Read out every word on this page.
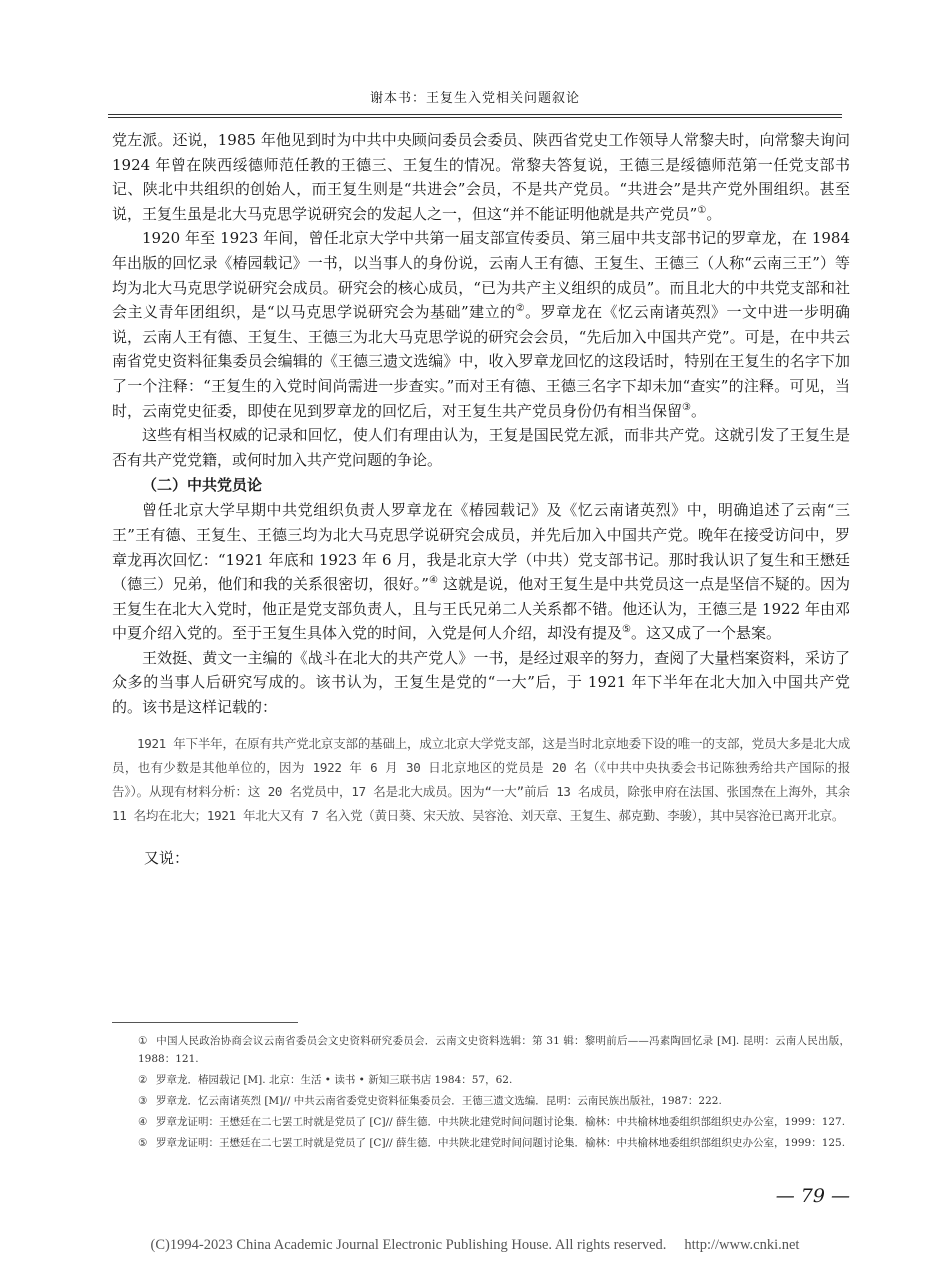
谢本书：王复生入党相关问题叙论

党左派。还说，1985 年他见到时为中共中央顾问委员会委员、陕西省党史工作领导人常黎夫时，向常黎夫询问 1924 年曾在陕西绥德师范任教的王德三、王复生的情况。常黎夫答复说，王德三是绥德师范第一任党支部书记、陕北中共组织的创始人，而王复生则是“共进会”会员，不是共产党员。“共进会”是共产党外围组织。甚至说，王复生虽是北大马克思学说研究会的发起人之一，但这“并不能证明他就是共产党员”①。

1920 年至 1923 年间，曾任北京大学中共第一届支部宣传委员、第三届中共支部书记的罗章龙，在 1984 年出版的回忆录《椿园载记》一书，以当事人的身份说，云南人王有德、王复生、王德三（人称“云南三王”）等均为北大马克思学说研究会成员。研究会的核心成员，“已为共产主义组织的成员”。而且北大的中共党支部和社会主义青年团组织，是“以马克思学说研究会为基础”建立的②。罗章龙在《忆云南诸英烈》一文中进一步明确说，云南人王有德、王复生、王德三为北大马克思学说的研究会会员，“先后加入中国共产党”。可是，在中共云南省党史资料征集委员会编辑的《王德三遗文选编》中，收入罗章龙回忆的这段话时，特别在王复生的名字下加了一个注释：“王复生的入党时间尚需进一步查实。”而对王有德、王德三名字下却未加“查实”的注释。可见，当时，云南党史征委，即使在见到罗章龙的回忆后，对王复生共产党员身份仍有相当保留③。

这些有相当权威的记录和回忆，使人们有理由认为，王复是国民党左派，而非共产党。这就引发了王复生是否有共产党党籍，或何时加入共产党问题的争论。

（二）中共党员论

曾任北京大学早期中共党组织负责人罗章龙在《椿园载记》及《忆云南诸英烈》中，明确追述了云南“三王”王有德、王复生、王德三均为北大马克思学说研究会成员，并先后加入中国共产党。晚年在接受访问中，罗章龙再次回忆：“1921 年底和 1923 年 6 月，我是北京大学（中共）党支部书记。那时我认识了复生和王懋廷（德三）兄弟，他们和我的关系很密切，很好。”④ 这就是说，他对王复生是中共党员这一点是坚信不疑的。因为王复生在北大入党时，他正是党支部负责人，且与王氏兄弟二人关系都不错。他还认为，王德三是 1922 年由邓中夏介绍入党的。至于王复生具体入党的时间，入党是何人介绍，却没有提及⑤。这又成了一个悬案。

王效挺、黄文一主编的《战斗在北大的共产党人》一书，是经过艰辛的努力，查阅了大量档案资料，采访了众多的当事人后研究写成的。该书认为，王复生是党的“一大”后，于 1921 年下半年在北大加入中国共产党的。该书是这样记载的：

1921 年下半年，在原有共产党北京支部的基础上，成立北京大学党支部，这是当时北京地委下设的唯一的支部，党员大多是北大成员，也有少数是其他单位的，因为 1922 年 6 月 30 日北京地区的党员是 20 名（《中共中央执委会书记陈独秀给共产国际的报告》）。从现有材料分析：这 20 名党员中，17 名是北大成员。因为“一大”前后 13 名成员，除张申府在法国、张国焘在上海外，其余 11 名均在北大；1921 年北大又有 7 名入党（黄日葵、宋天放、吴容沧、刘天章、王复生、郝克勤、李骏），其中吴容沧已离开北京。

又说：

① 中国人民政治协商会议云南省委员会文史资料研究委员会．云南文史资料选辑：第 31 辑：黎明前后——冯素陶回忆录 [M]. 昆明：云南人民出版，1988：121.

② 罗章龙．椿园载记 [M]. 北京：生活 • 读书 • 新知三联书店 1984：57，62.

③ 罗章龙．忆云南诸英烈 [M]// 中共云南省委党史资料征集委员会．王德三遗文选编．昆明：云南民族出版社，1987：222.

④ 罗章龙证明：王懋廷在二七罢工时就是党员了 [C]// 薛生德．中共陕北建党时间问题讨论集．榆林：中共榆林地委组织部组织史办公室，1999：127.

⑤ 罗章龙证明：王懋廷在二七罢工时就是党员了 [C]// 薛生德．中共陕北建党时间问题讨论集．榆林：中共榆林地委组织部组织史办公室，1999：125.

— 79 —
(C)1994-2023 China Academic Journal Electronic Publishing House. All rights reserved. http://www.cnki.net
